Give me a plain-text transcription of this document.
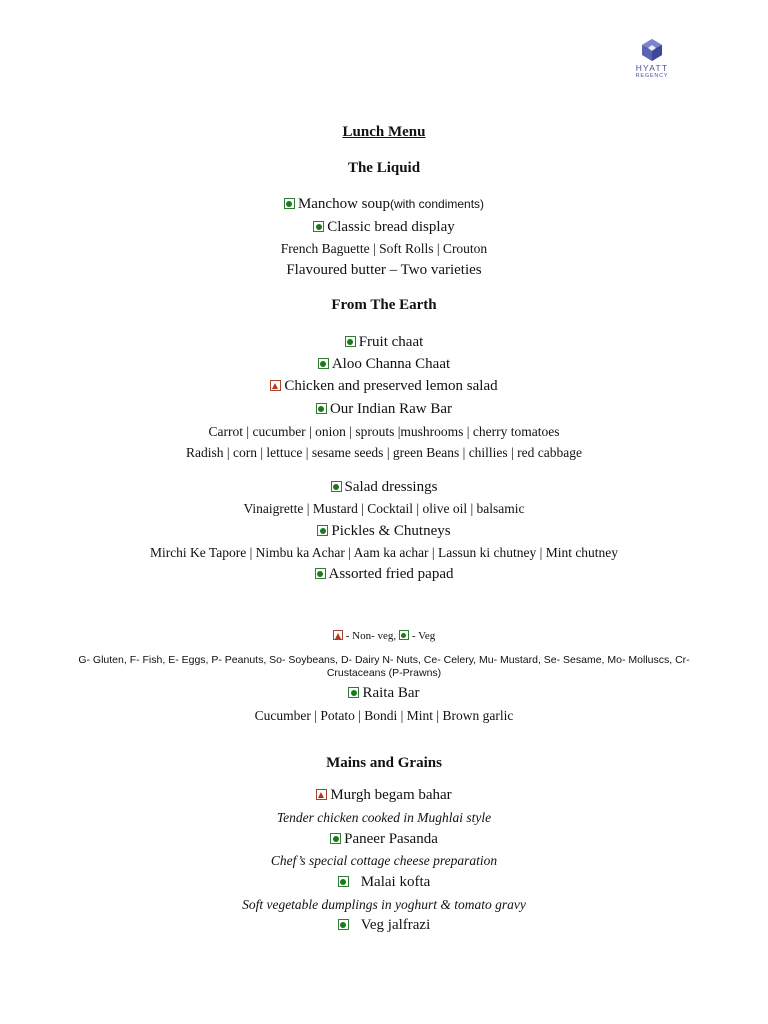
HYATT
REGENCY
Lunch Menu
The Liquid
Manchow soup(with condiments)
Classic bread display
French Baguette | Soft Rolls | Crouton
Flavoured butter – Two varieties
From The Earth
Fruit chaat
Aloo Channa Chaat
Chicken and preserved lemon salad
Our Indian Raw Bar
Carrot | cucumber | onion | sprouts |mushrooms | cherry tomatoes
Radish | corn | lettuce | sesame seeds | green Beans | chillies | red cabbage
Salad dressings
Vinaigrette | Mustard | Cocktail | olive oil | balsamic
Pickles & Chutneys
Mirchi Ke Tapore | Nimbu ka Achar | Aam ka achar | Lassun ki chutney | Mint chutney
Assorted fried papad
- Non- veg, - Veg
G- Gluten, F- Fish, E- Eggs, P- Peanuts, So- Soybeans, D- Dairy N- Nuts, Ce- Celery, Mu- Mustard, Se- Sesame, Mo- Molluscs, Cr-
Crustaceans (P-Prawns)
Raita Bar
Cucumber | Potato | Bondi | Mint | Brown garlic
Mains and Grains
Murgh begam bahar
Tender chicken cooked in Mughlai style
Paneer Pasanda
Chef’s special cottage cheese preparation
Malai kofta
Soft vegetable dumplings in yoghurt & tomato gravy
Veg jalfrazi
